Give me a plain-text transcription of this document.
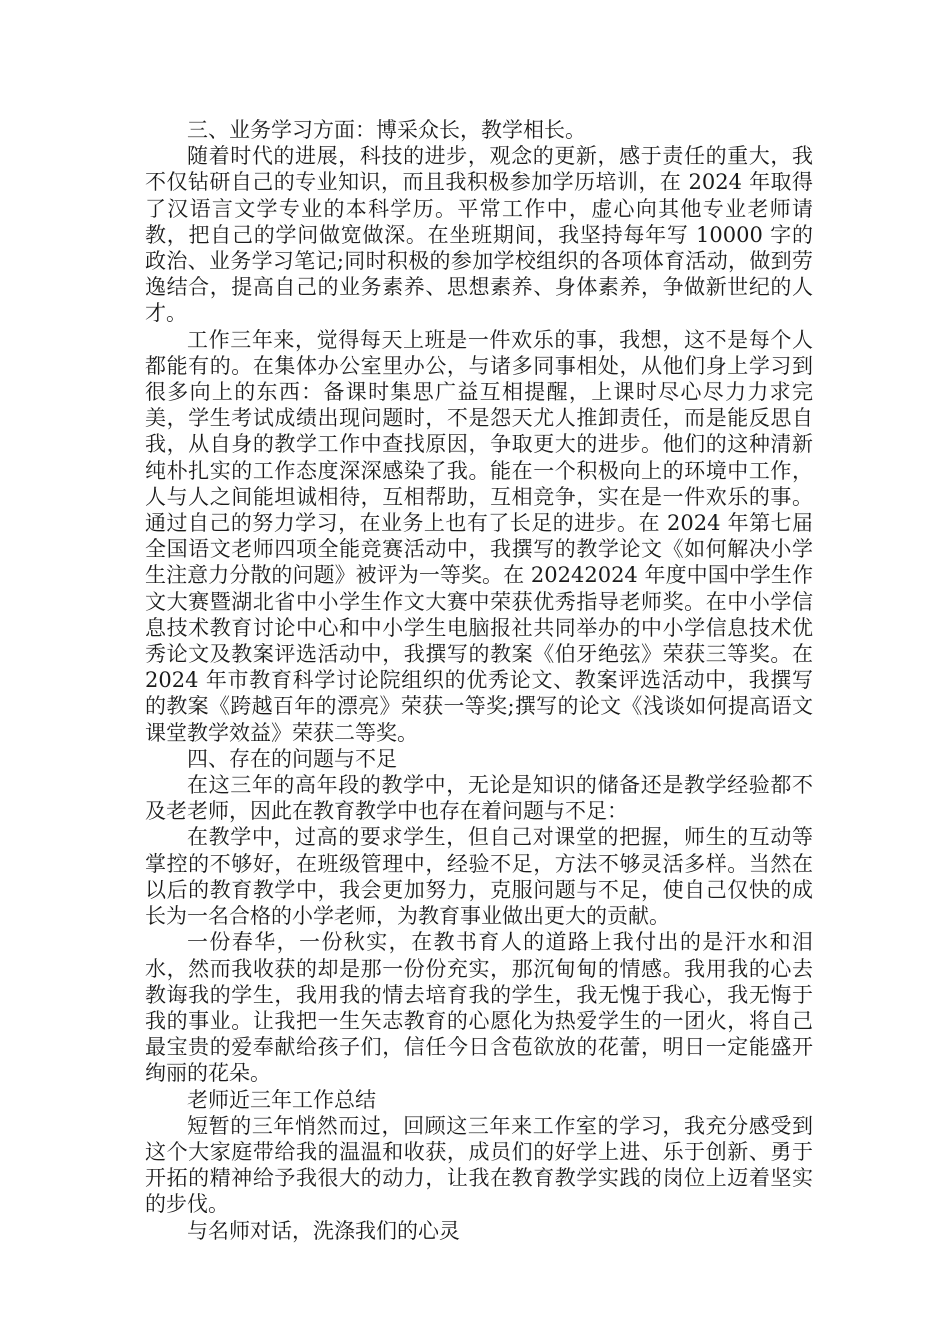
三、业务学习方面：博采众长，教学相长。

随着时代的进展，科技的进步，观念的更新，感于责任的重大，我不仅钻研自己的专业知识，而且我积极参加学历培训，在 2024 年取得了汉语言文学专业的本科学历。平常工作中，虚心向其他专业老师请教，把自己的学问做宽做深。在坐班期间，我坚持每年写 10000 字的政治、业务学习笔记;同时积极的参加学校组织的各项体育活动，做到劳逸结合，提高自己的业务素养、思想素养、身体素养，争做新世纪的人才。

工作三年来，觉得每天上班是一件欢乐的事，我想，这不是每个人都能有的。在集体办公室里办公，与诸多同事相处，从他们身上学习到很多向上的东西：备课时集思广益互相提醒，上课时尽心尽力力求完美，学生考试成绩出现问题时，不是怨天尤人推卸责任，而是能反思自我，从自身的教学工作中查找原因，争取更大的进步。他们的这种清新纯朴扎实的工作态度深深感染了我。能在一个积极向上的环境中工作，人与人之间能坦诚相待，互相帮助，互相竞争，实在是一件欢乐的事。通过自己的努力学习，在业务上也有了长足的进步。在 2024 年第七届全国语文老师四项全能竞赛活动中，我撰写的教学论文《如何解决小学生注意力分散的问题》被评为一等奖。在 20242024 年度中国中学生作文大赛暨湖北省中小学生作文大赛中荣获优秀指导老师奖。在中小学信息技术教育讨论中心和中小学生电脑报社共同举办的中小学信息技术优秀论文及教案评选活动中，我撰写的教案《伯牙绝弦》荣获三等奖。在 2024 年市教育科学讨论院组织的优秀论文、教案评选活动中，我撰写的教案《跨越百年的漂亮》荣获一等奖;撰写的论文《浅谈如何提高语文课堂教学效益》荣获二等奖。

四、存在的问题与不足

在这三年的高年段的教学中，无论是知识的储备还是教学经验都不及老老师，因此在教育教学中也存在着问题与不足：

在教学中，过高的要求学生，但自己对课堂的把握，师生的互动等掌控的不够好，在班级管理中，经验不足，方法不够灵活多样。当然在以后的教育教学中，我会更加努力，克服问题与不足，使自己仅快的成长为一名合格的小学老师，为教育事业做出更大的贡献。

一份春华，一份秋实，在教书育人的道路上我付出的是汗水和泪水，然而我收获的却是那一份份充实，那沉甸甸的情感。我用我的心去教诲我的学生，我用我的情去培育我的学生，我无愧于我心，我无悔于我的事业。让我把一生矢志教育的心愿化为热爱学生的一团火，将自己最宝贵的爱奉献给孩子们，信任今日含苞欲放的花蕾，明日一定能盛开绚丽的花朵。

老师近三年工作总结

短暂的三年悄然而过，回顾这三年来工作室的学习，我充分感受到这个大家庭带给我的温温和收获，成员们的好学上进、乐于创新、勇于开拓的精神给予我很大的动力，让我在教育教学实践的岗位上迈着坚实的步伐。

与名师对话，洗涤我们的心灵
